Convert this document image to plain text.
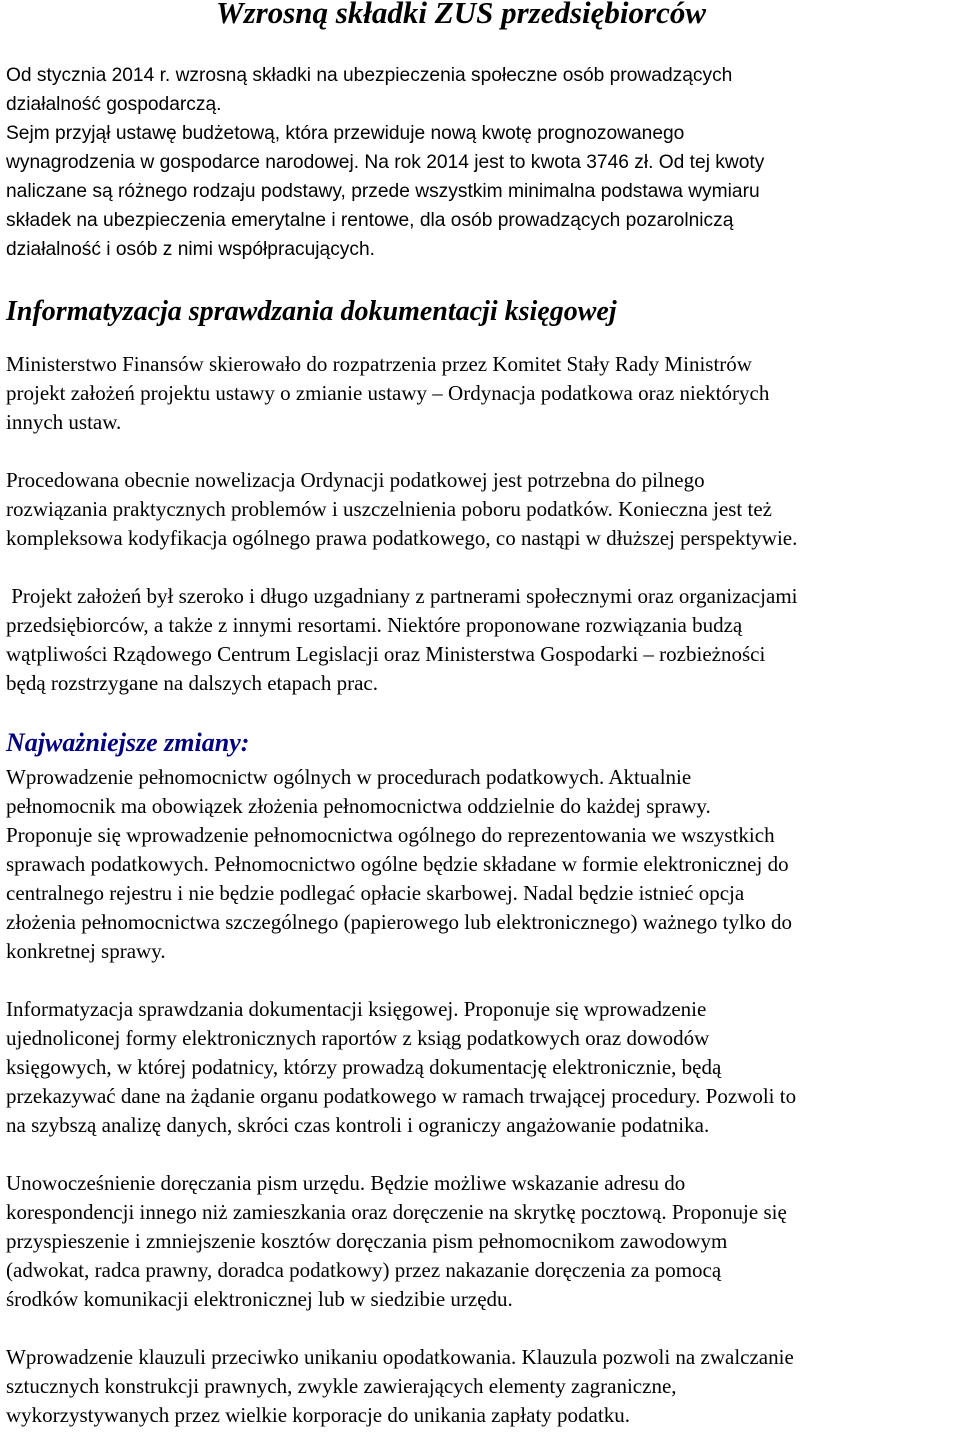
Wzrosną składki ZUS przedsiębiorców
Od stycznia 2014 r. wzrosną składki na ubezpieczenia społeczne osób prowadzących
działalność gospodarczą.
Sejm przyjął ustawę budżetową, która przewiduje nową kwotę prognozowanego
wynagrodzenia w gospodarce narodowej. Na rok 2014 jest to kwota 3746 zł. Od tej kwoty
naliczane są różnego rodzaju podstawy, przede wszystkim minimalna podstawa wymiaru
składek na ubezpieczenia emerytalne i rentowe, dla osób prowadzących pozarolniczą
działalność i osób z nimi współpracujących.
Informatyzacja sprawdzania dokumentacji księgowej
Ministerstwo Finansów skierowało do rozpatrzenia przez Komitet Stały Rady Ministrów
projekt założeń projektu ustawy o zmianie ustawy – Ordynacja podatkowa oraz niektórych
innych ustaw.
Procedowana obecnie nowelizacja Ordynacji podatkowej jest potrzebna do pilnego
rozwiązania praktycznych problemów i uszczelnienia poboru podatków. Konieczna jest też
kompleksowa kodyfikacja ogólnego prawa podatkowego, co nastąpi w dłuższej perspektywie.
Projekt założeń był szeroko i długo uzgadniany z partnerami społecznymi oraz organizacjami
przedsiębiorców, a także z innymi resortami. Niektóre proponowane rozwiązania budzą
wątpliwości Rządowego Centrum Legislacji oraz Ministerstwa Gospodarki – rozbieżności
będą rozstrzygane na dalszych etapach prac.
Najważniejsze zmiany:
Wprowadzenie pełnomocnictw ogólnych w procedurach podatkowych. Aktualnie
pełnomocnik ma obowiązek złożenia pełnomocnictwa oddzielnie do każdej sprawy.
Proponuje się wprowadzenie pełnomocnictwa ogólnego do reprezentowania we wszystkich
sprawach podatkowych. Pełnomocnictwo ogólne będzie składane w formie elektronicznej do
centralnego rejestru i nie będzie podlegać opłacie skarbowej. Nadal będzie istnieć opcja
złożenia pełnomocnictwa szczególnego (papierowego lub elektronicznego) ważnego tylko do
konkretnej sprawy.
Informatyzacja sprawdzania dokumentacji księgowej. Proponuje się wprowadzenie
ujednoliconej formy elektronicznych raportów z ksiąg podatkowych oraz dowodów
księgowych, w której podatnicy, którzy prowadzą dokumentację elektronicznie, będą
przekazywać dane na żądanie organu podatkowego w ramach trwającej procedury. Pozwoli to
na szybszą analizę danych, skróci czas kontroli i ograniczy angażowanie podatnika.
Unowocześnienie doręczania pism urzędu. Będzie możliwe wskazanie adresu do
korespondencji innego niż zamieszkania oraz doręczenie na skrytkę pocztową. Proponuje się
przyspieszenie i zmniejszenie kosztów doręczania pism pełnomocnikom zawodowym
(adwokat, radca prawny, doradca podatkowy) przez nakazanie doręczenia za pomocą
środków komunikacji elektronicznej lub w siedzibie urzędu.
Wprowadzenie klauzuli przeciwko unikaniu opodatkowania. Klauzula pozwoli na zwalczanie
sztucznych konstrukcji prawnych, zwykle zawierających elementy zagraniczne,
wykorzystywanych przez wielkie korporacje do unikania zapłaty podatku.
